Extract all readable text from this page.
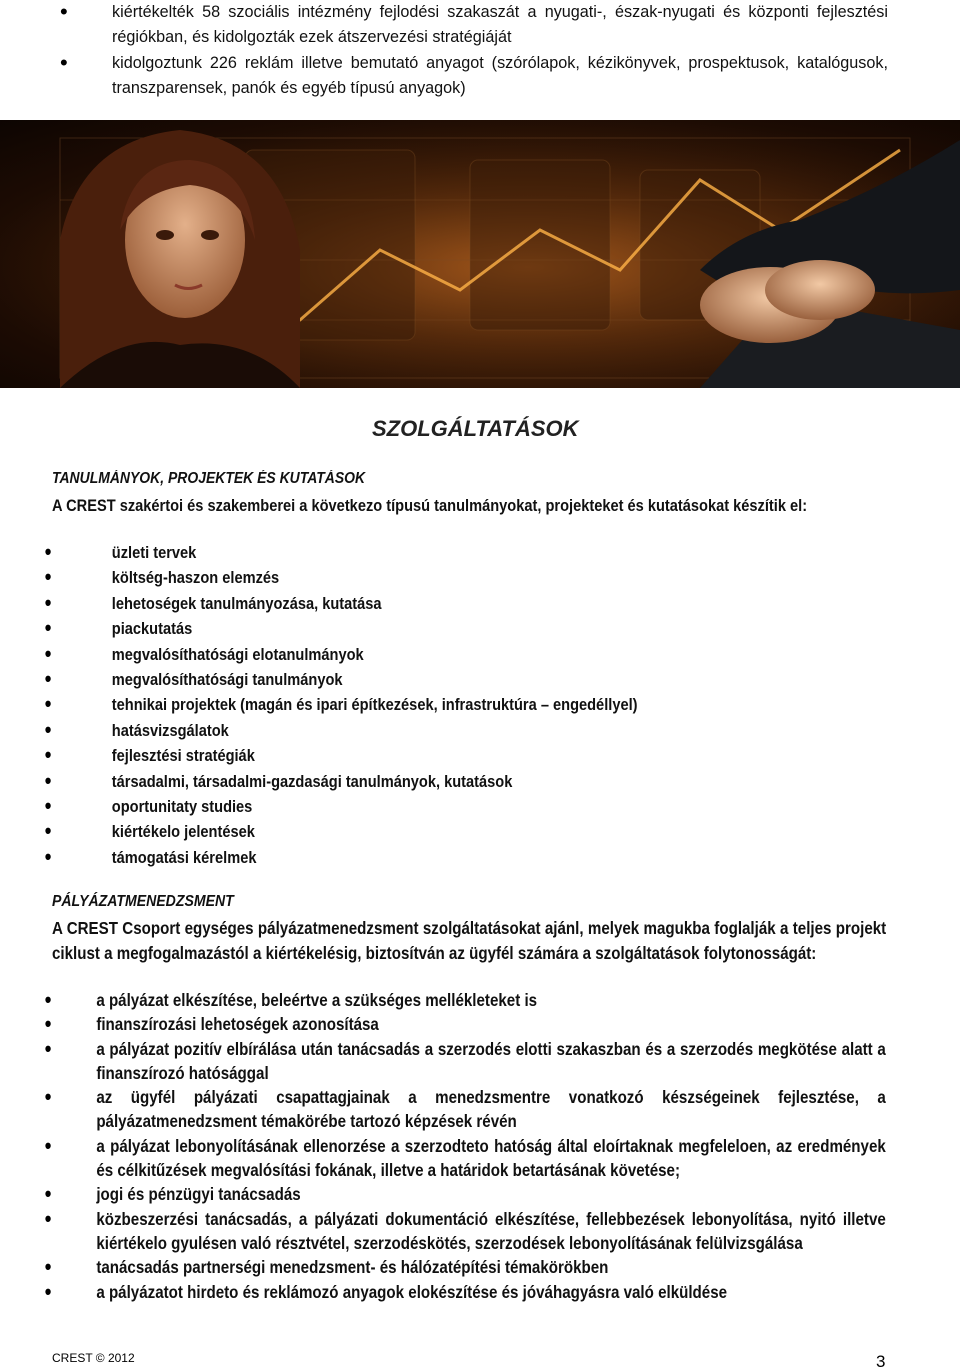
• kiértékelték 58 szociális intézmény fejlodési szakaszát a nyugati-, észak-nyugati és központi fejlesztési régiókban, és kidolgozták ezek átszervezési stratégiáját
• kidolgoztunk 226 reklám illetve bemutató anyagot (szórólapok, kézikönyvek, prospektusok, katalógusok, transzparensek, panók és egyéb típusú anyagok)
SZOLGÁLTATÁSOK
TANULMÁNYOK, PROJEKTEK ÉS KUTATÁSOK
A CREST szakértoi és szakemberei a következo típusú tanulmányokat, projekteket és kutatásokat készítik el:
• üzleti tervek
• költség-haszon elemzés
• lehetoségek tanulmányozása, kutatása
• piackutatás
• megvalósíthatósági elotanulmányok
• megvalósíthatósági tanulmányok
• tehnikai projektek (magán és ipari építkezések, infrastruktúra – engedéllyel)
• hatásvizsgálatok
• fejlesztési stratégiák
• társadalmi, társadalmi-gazdasági tanulmányok, kutatások
• oportunitaty studies
• kiértékelo jelentések
• támogatási kérelmek
PÁLYÁZATMENEDZSMENT
A CREST Csoport egységes pályázatmenedzsment szolgáltatásokat ajánl, melyek magukba foglalják a teljes projekt ciklust a megfogalmazástól a kiértékelésig, biztosítván az ügyfél számára a szolgáltatások folytonosságát:
• a pályázat elkészítése, beleértve a szükséges mellékleteket is
• finanszírozási lehetoségek azonosítása
• a pályázat pozitív elbírálása után tanácsadás a szerzodés elotti szakaszban és a szerzodés megkötése alatt a finanszírozó hatósággal
• az ügyfél pályázati csapattagjainak a menedzsmentre vonatkozó készségeinek fejlesztése, a pályázatmenedzsment témakörébe tartozó képzések révén
• a pályázat lebonyolításának ellenorzése a szerzodteto hatóság által eloírtaknak megfeleloen, az eredmények és célkitűzések megvalósítási fokának, illetve a határidok betartásának követése;
• jogi és pénzügyi tanácsadás
• közbeszerzési tanácsadás, a pályázati dokumentáció elkészítése, fellebbezések lebonyolítása, nyitó illetve kiértékelo gyulésen való résztvétel, szerzodéskötés, szerzodések lebonyolításának felülvizsgálása
• tanácsadás partnerségi menedzsment- és hálózatépítési témakörökben
• a pályázatot hirdeto és reklámozó anyagok elokészítése és jóváhagyásra való elküldése
CREST © 2012	3
